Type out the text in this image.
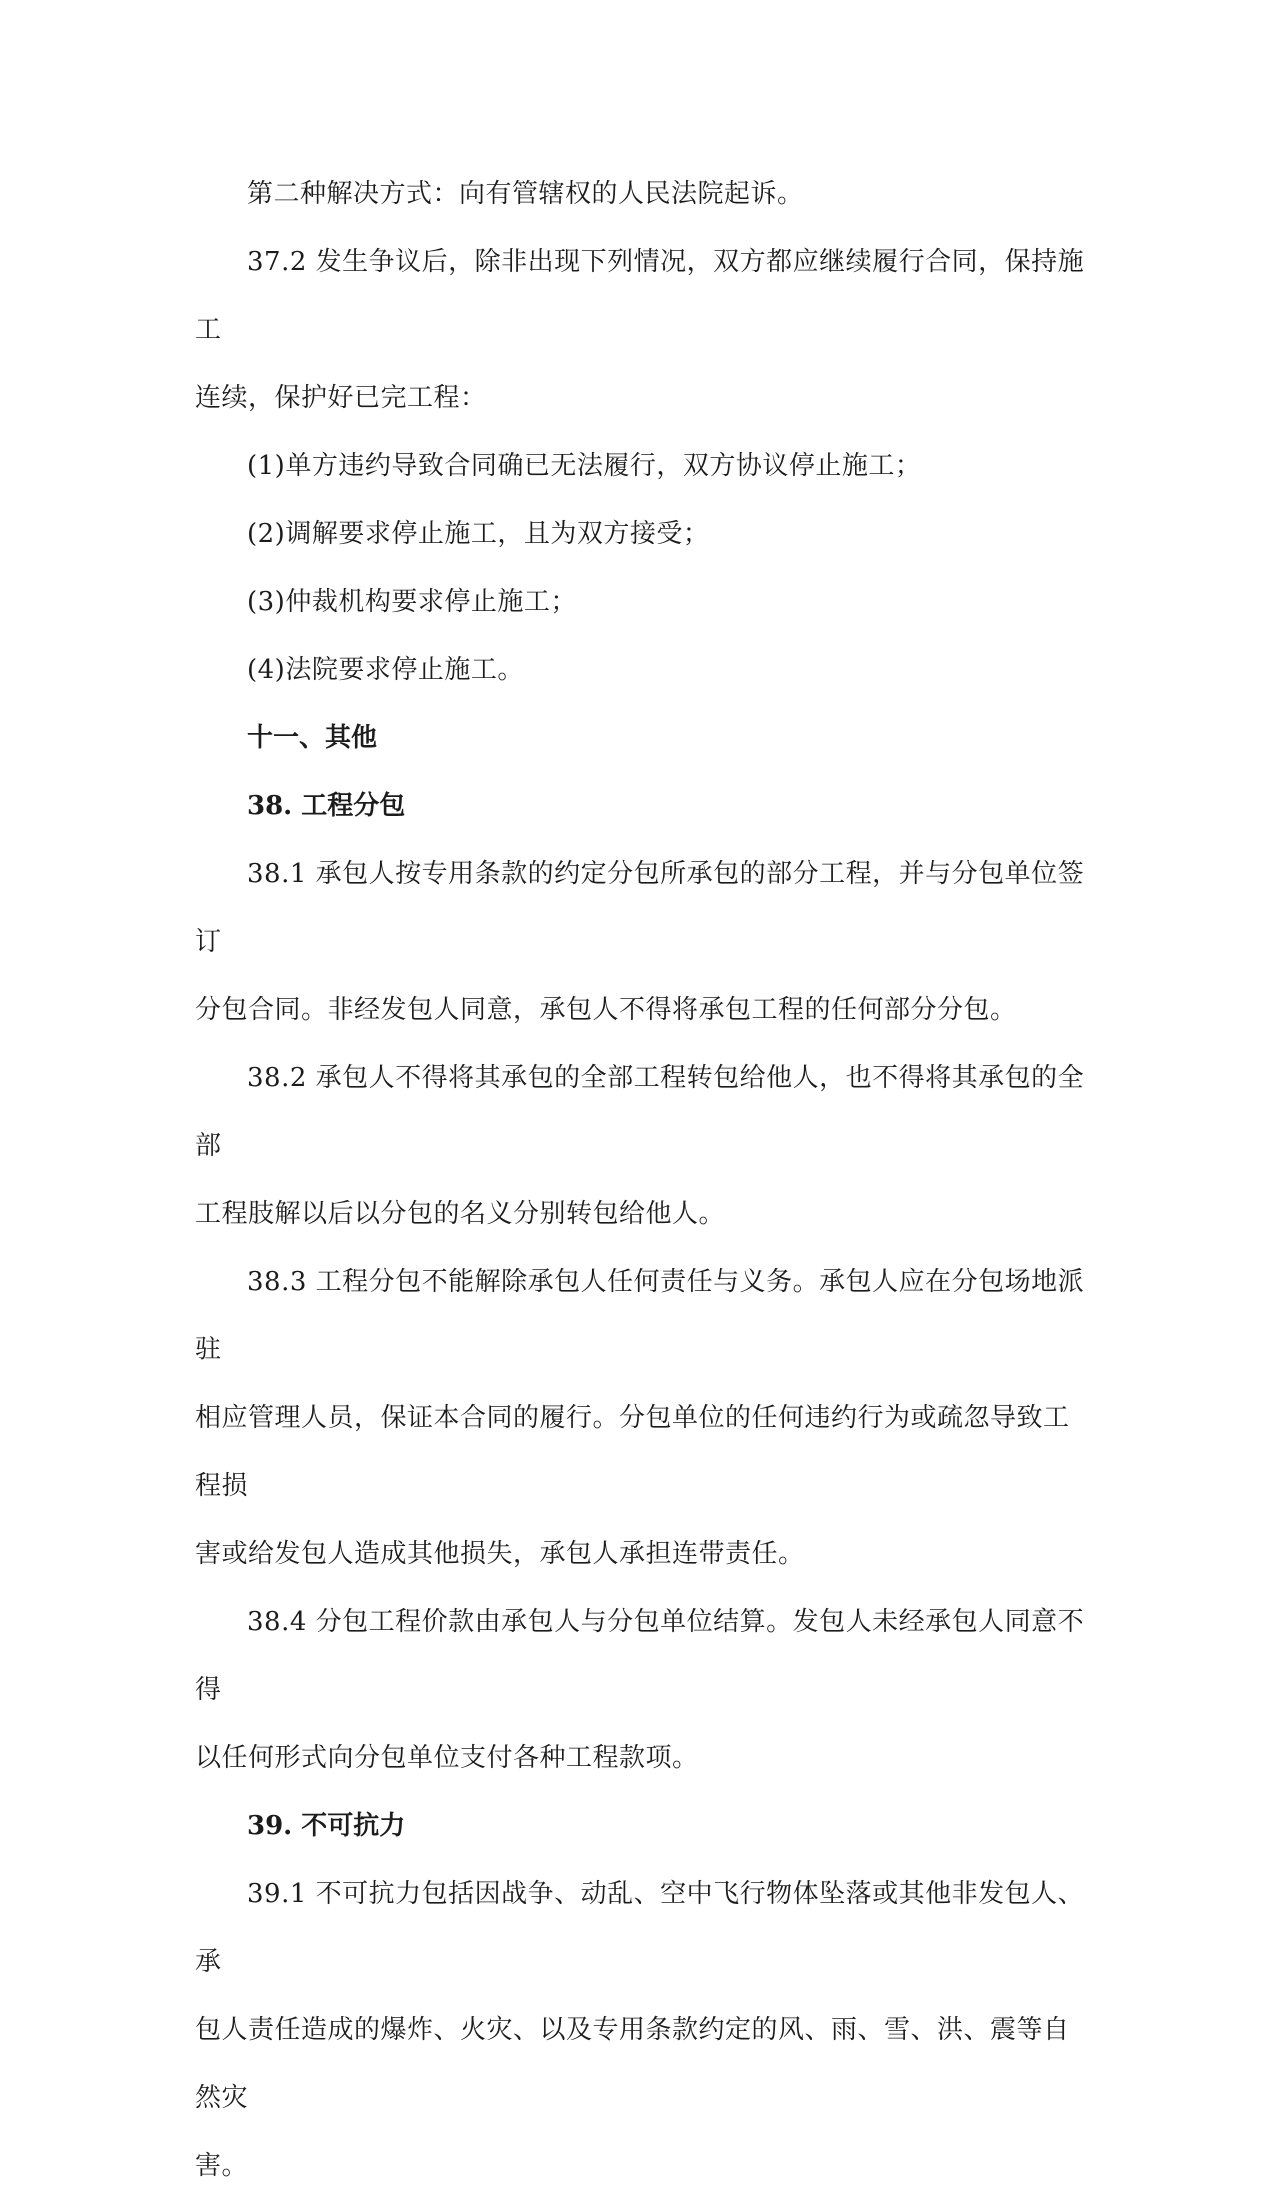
第二种解决方式：向有管辖权的人民法院起诉。

37.2 发生争议后，除非出现下列情况，双方都应继续履行合同，保持施工
连续，保护好已完工程：

(1)单方违约导致合同确已无法履行，双方协议停止施工；

(2)调解要求停止施工，且为双方接受；

(3)仲裁机构要求停止施工；

(4)法院要求停止施工。

十一、其他

38. 工程分包

38.1 承包人按专用条款的约定分包所承包的部分工程，并与分包单位签订
分包合同。非经发包人同意，承包人不得将承包工程的任何部分分包。

38.2 承包人不得将其承包的全部工程转包给他人，也不得将其承包的全部
工程肢解以后以分包的名义分别转包给他人。

38.3 工程分包不能解除承包人任何责任与义务。承包人应在分包场地派驻
相应管理人员，保证本合同的履行。分包单位的任何违约行为或疏忽导致工程损
害或给发包人造成其他损失，承包人承担连带责任。

38.4 分包工程价款由承包人与分包单位结算。发包人未经承包人同意不得
以任何形式向分包单位支付各种工程款项。

39. 不可抗力

39.1 不可抗力包括因战争、动乱、空中飞行物体坠落或其他非发包人、承
包人责任造成的爆炸、火灾、以及专用条款约定的风、雨、雪、洪、震等自然灾
害。
